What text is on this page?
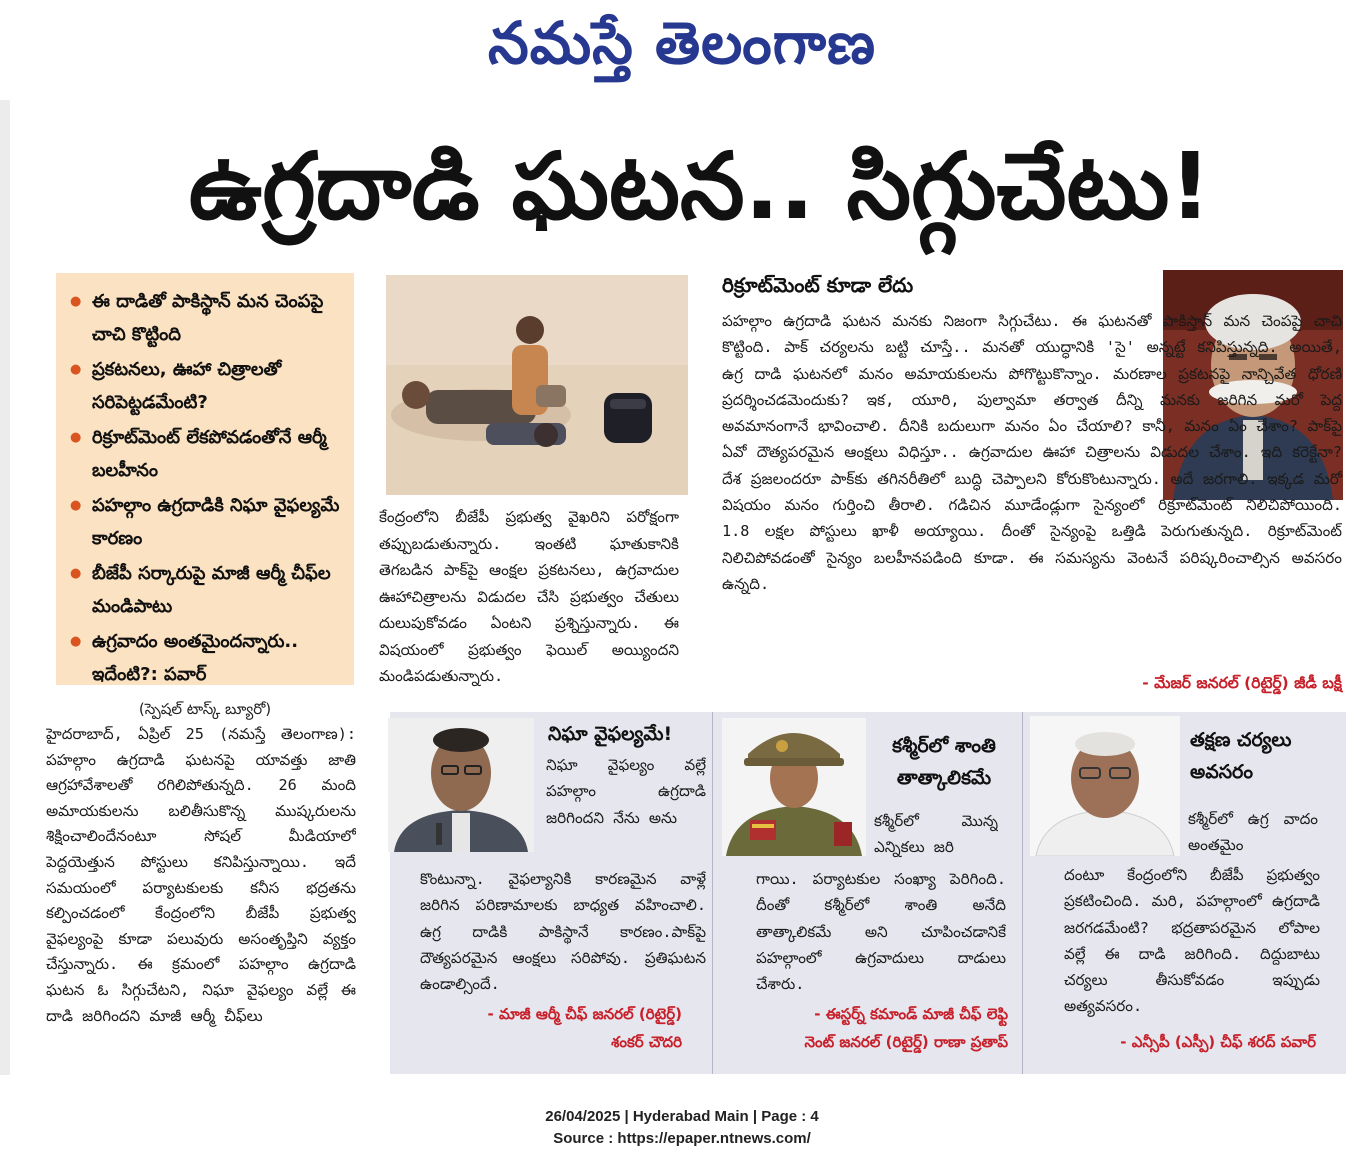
నమస్తే తెలంగాణ
ఉగ్రదాడి ఘటన.. సిగ్గుచేటు!
● ఈ దాడితో పాకిస్థాన్ మన చెంపపై చాచి కొట్టింది
● ప్రకటనలు, ఊహా చిత్రాలతో సరిపెట్టడమేంటి?
● రిక్రూట్‌మెంట్ లేకపోవడంతోనే ఆర్మీ బలహీనం
● పహల్గాం ఉగ్రదాడికి నిఘా వైఫల్యమే కారణం
● బీజేపీ సర్కారుపై మాజీ ఆర్మీ చీఫ్‌ల మండిపాటు
● ఉగ్రవాదం అంతమైందన్నారు.. ఇదేంటి?: పవార్
(స్పెషల్ టాస్క్ బ్యూరో)
హైదరాబాద్, ఏప్రిల్ 25 (నమస్తే తెలంగాణ): పహల్గాం ఉగ్రదాడి ఘటనపై యావత్తు జాతి ఆగ్రహావేశాలతో రగిలిపోతున్నది. 26 మంది అమాయకులను బలితీసుకొన్న ముష్కరులను శిక్షించాలిందేనంటూ సోషల్ మీడియాలో పెద్దయెత్తున పోస్టులు కనిపిస్తున్నాయి. ఇదే సమయంలో పర్యాటకులకు కనీస భద్రతను కల్పించడంలో కేంద్రంలోని బీజేపీ ప్రభుత్వ వైఫల్యంపై కూడా పలువురు అసంతృప్తిని వ్యక్తం చేస్తున్నారు. ఈ క్రమంలో పహల్గాం ఉగ్రదాడి ఘటన ఓ సిగ్గుచేటని, నిఘా వైఫల్యం వల్లే ఈ దాడి జరిగిందని మాజీ ఆర్మీ చీఫ్‌లు
కేంద్రంలోని బీజేపీ ప్రభుత్వ వైఖరిని పరోక్షంగా తప్పుబడుతున్నారు. ఇంతటి ఘాతుకానికి తెగబడిన పాక్‌పై ఆంక్షల ప్రకటనలు, ఉగ్రవాదుల ఊహాచిత్రాలను విడుదల చేసి ప్రభుత్వం చేతులు దులుపుకోవడం ఏంటని ప్రశ్నిస్తున్నారు. ఈ విషయంలో ప్రభుత్వం ఫెయిల్ అయ్యిందని మండిపడుతున్నారు.
రిక్రూట్‌మెంట్ కూడా లేదు
పహల్గాం ఉగ్రదాడి ఘటన మనకు నిజంగా సిగ్గుచేటు. ఈ ఘటనతో పాకిస్తాన్ మన చెంపపై చాచి కొట్టింది. పాక్ చర్యలను బట్టి చూస్తే.. మనతో యుద్ధానికి 'సై' అన్నట్టే కనిపిస్తున్నది. అయితే, ఉగ్ర దాడి ఘటనలో మనం అమాయకులను పోగొట్టుకొన్నాం. మరణాల ప్రకటనపై నాన్చివేత ధోరణి ప్రదర్శించడమెందుకు? ఇక, యూరి, పుల్వామా తర్వాత దీన్ని మనకు జరిగిన మరో పెద్ద అవమానంగానే భావించాలి. దీనికి బదులుగా మనం ఏం చేయాలి? కానీ, మనం ఏం చేశాం? పాక్‌పై ఏవో దౌత్యపరమైన ఆంక్షలు విధిస్తూ.. ఉగ్రవాదుల ఊహా చిత్రాలను విడుదల చేశాం. ఇది కరెక్టేనా? దేశ ప్రజలందరూ పాక్‌కు తగినరీతిలో బుద్ధి చెప్పాలని కోరుకొంటున్నారు. అదే జరగాలి. ఇక్కడ మరో విషయం మనం గుర్తించి తీరాలి. గడిచిన మూడేండ్లుగా సైన్యంలో రిక్రూట్‌మెంట్ నిలిచిపోయింది. 1.8 లక్షల పోస్టులు ఖాళీ అయ్యాయి. దీంతో సైన్యంపై ఒత్తిడి పెరుగుతున్నది. రిక్రూట్‌మెంట్ నిలిచిపోవడంతో సైన్యం బలహీనపడింది కూడా. ఈ సమస్యను వెంటనే పరిష్కరించాల్సిన అవసరం ఉన్నది.
- మేజర్ జనరల్ (రిటైర్డ్) జీడీ బక్షీ
నిఘా వైఫల్యమే!
నిఘా వైఫల్యం వల్లే పహల్గాం ఉగ్రదాడి జరిగిందని నేను అను
కొంటున్నా. వైఫల్యానికి కారణమైన వాళ్లే జరిగిన పరిణామాలకు బాధ్యత వహించాలి. ఉగ్ర దాడికి పాకిస్థానే కారణం.పాక్‌పై దౌత్యపరమైన ఆంక్షలు సరిపోవు. ప్రతిఘటన ఉండాల్సిందే.
- మాజీ ఆర్మీ చీఫ్ జనరల్ (రిటైర్డ్)
శంకర్ చౌదరి
కశ్మీర్‌లో శాంతి
తాత్కాలికమే
కశ్మీర్‌లో మొన్న ఎన్నికలు జరి
గాయి. పర్యాటకుల సంఖ్యా పెరిగింది. దీంతో కశ్మీర్‌లో శాంతి అనేది తాత్కాలికమే అని చూపించడానికే పహల్గాంలో ఉగ్రవాదులు దాడులు చేశారు.
- ఈస్టర్న్ కమాండ్ మాజీ చీఫ్ లెఫ్టి
నెంట్ జనరల్ (రిటైర్డ్) రాణా ప్రతాప్
తక్షణ చర్యలు
అవసరం
కశ్మీర్‌లో ఉగ్ర వాదం అంతమైం
దంటూ కేంద్రంలోని బీజేపీ ప్రభుత్వం ప్రకటించింది. మరి, పహల్గాంలో ఉగ్రదాడి జరగడమేంటి? భద్రతాపరమైన లోపాల వల్లే ఈ దాడి జరిగింది. దిద్దుబాటు చర్యలు తీసుకోవడం ఇప్పుడు అత్యవసరం.
- ఎన్సీపీ (ఎస్పీ) చీఫ్ శరద్ పవార్
26/04/2025 | Hyderabad Main | Page : 4
Source : https://epaper.ntnews.com/
